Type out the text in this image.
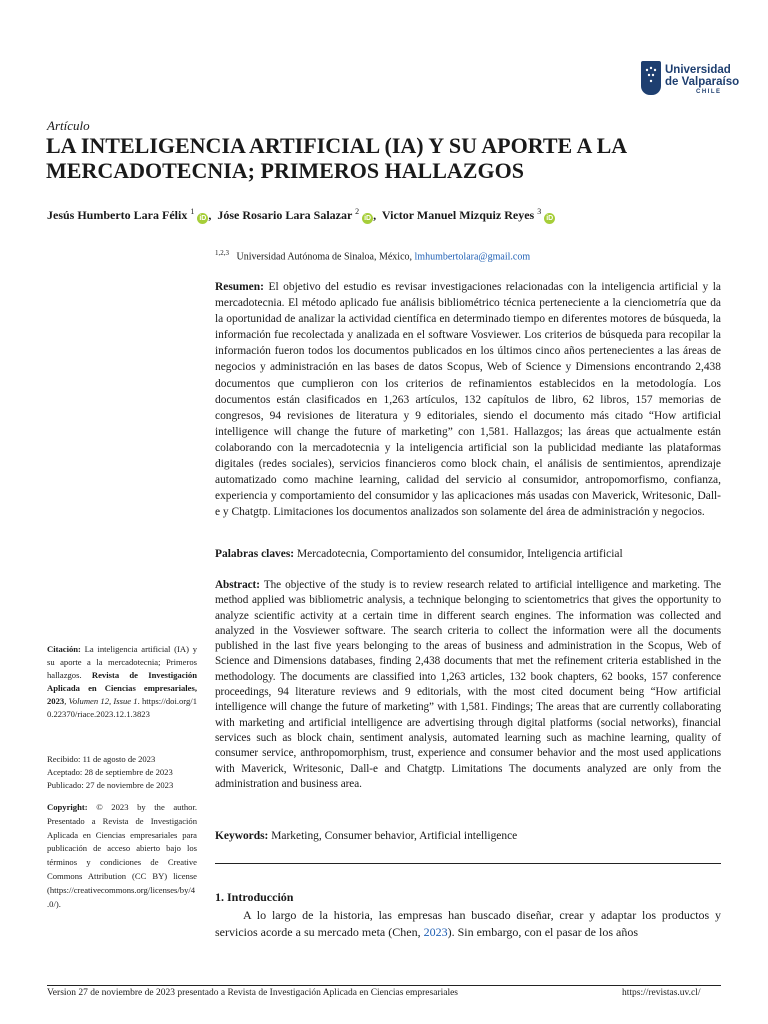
Universidad
de Valparaíso
CHILE
Artículo
LA INTELIGENCIA ARTIFICIAL (IA) Y SU APORTE A LA MERCADOTECNIA; PRIMEROS HALLAZGOS
Jesús Humberto Lara Félix $^1$ iD ,  Jóse Rosario Lara Salazar $^2$ iD ,  Victor Manuel Mizquiz Reyes $^3$ iD
$^{1,2,3}$ Universidad Autónoma de Sinaloa, México, lmhumbertolara@gmail.com

Resumen: El objetivo del estudio es revisar investigaciones relacionadas con la inteligencia artificial y la mercadotecnia. El método aplicado fue análisis bibliométrico técnica perteneciente a la cienciometría que da la oportunidad de analizar la actividad científica en determinado tiempo en diferentes motores de búsqueda, la información fue recolectada y analizada en el software Vosviewer. Los criterios de búsqueda para recopilar la información fueron todos los documentos publicados en los últimos cinco años pertenecientes a las áreas de negocios y administración en las bases de datos Scopus, Web of Science y Dimensions encontrando 2,438 documentos que cumplieron con los criterios de refinamientos establecidos en la metodología. Los documentos están clasificados en 1,263 artículos, 132 capítulos de libro, 62 libros, 157 memorias de congresos, 94 revisiones de literatura y 9 editoriales, siendo el documento más citado “How artificial intelligence will change the future of marketing” con 1,581. Hallazgos; las áreas que actualmente están colaborando con la mercadotecnia y la inteligencia artificial son la publicidad mediante las plataformas digitales (redes sociales), servicios financieros como block chain, el análisis de sentimientos, aprendizaje automatizado como machine learning, calidad del servicio al consumidor, antropomorfismo, confianza, experiencia y comportamiento del consumidor y las aplicaciones más usadas con Maverick, Writesonic, Dall-e y Chatgtp. Limitaciones los documentos analizados son solamente del área de administración y negocios.

Palabras claves: Mercadotecnia, Comportamiento del consumidor, Inteligencia artificial

Abstract: The objective of the study is to review research related to artificial intelligence and marketing. The method applied was bibliometric analysis, a technique belonging to scientometrics that gives the opportunity to analyze scientific activity at a certain time in different search engines. The information was collected and analyzed in the Vosviewer software. The search criteria to collect the information were all the documents published in the last five years belonging to the areas of business and administration in the Scopus, Web of Science and Dimensions databases, finding 2,438 documents that met the refinement criteria established in the methodology. The documents are classified into 1,263 articles, 132 book chapters, 62 books, 157 conference proceedings, 94 literature reviews and 9 editorials, with the most cited document being “How artificial intelligence will change the future of marketing” with 1,581. Findings; The areas that are currently collaborating with marketing and artificial intelligence are advertising through digital platforms (social networks), financial services such as block chain, sentiment analysis, automated learning such as machine learning, quality of consumer service, anthropomorphism, trust, experience and consumer behavior and the most used applications with Maverick, Writesonic, Dall-e and Chatgtp. Limitations The documents analyzed are only from the administration and business area.

Keywords: Marketing, Consumer behavior, Artificial intelligence

Citación: La inteligencia artificial (IA) y su aporte a la mercadotecnia; Primeros hallazgos. Revista de Investigación Aplicada en Ciencias empresariales, 2023, Volumen 12, Issue 1. https://doi.org/10.22370/riace.2023.12.1.3823

Recibido: 11 de agosto de 2023
Aceptado: 28 de septiembre de 2023
Publicado: 27 de noviembre de 2023

Copyright: © 2023 by the author. Presentado a Revista de Investigación Aplicada en Ciencias empresariales para publicación de acceso abierto bajo los términos y condiciones de Creative Commons Attribution (CC BY) license (https://creativecommons.org/licenses/by/4.0/).	1. Introducción
A lo largo de la historia, las empresas han buscado diseñar, crear y adaptar los productos y servicios acorde a su mercado meta (Chen, 2023). Sin embargo, con el pasar de los años
Version 27 de noviembre de 2023 presentado a Revista de Investigación Aplicada en Ciencias empresariales	https://revistas.uv.cl/
